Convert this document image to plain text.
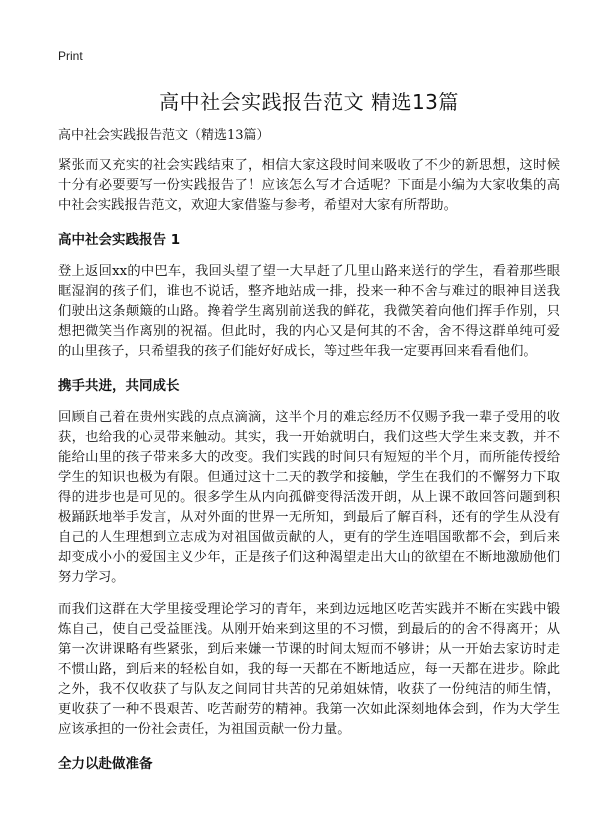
Print
高中社会实践报告范文 精选13篇
高中社会实践报告范文（精选13篇）

紧张而又充实的社会实践结束了，相信大家这段时间来吸收了不少的新思想，这时候十分有必要要写一份实践报告了！应该怎么写才合适呢？下面是小编为大家收集的高中社会实践报告范文，欢迎大家借鉴与参考，希望对大家有所帮助。

高中社会实践报告 1

登上返回xx的中巴车，我回头望了望一大早赶了几里山路来送行的学生，看着那些眼眶湿润的孩子们，谁也不说话，整齐地站成一排，投来一种不舍与难过的眼神目送我们驶出这条颠簸的山路。搀着学生离别前送我的鲜花，我微笑着向他们挥手作别，只想把微笑当作离别的祝福。但此时，我的内心又是何其的不舍，舍不得这群单纯可爱的山里孩子，只希望我的孩子们能好好成长，等过些年我一定要再回来看看他们。

携手共进，共同成长

回顾自己着在贵州实践的点点滴滴，这半个月的难忘经历不仅赐予我一辈子受用的收获，也给我的心灵带来触动。其实，我一开始就明白，我们这些大学生来支教，并不能给山里的孩子带来多大的改变。我们实践的时间只有短短的半个月，而所能传授给学生的知识也极为有限。但通过这十二天的教学和接触，学生在我们的不懈努力下取得的进步也是可见的。很多学生从内向孤僻变得活泼开朗，从上课不敢回答问题到积极踊跃地举手发言，从对外面的世界一无所知，到最后了解百科，还有的学生从没有自己的人生理想到立志成为对祖国做贡献的人，更有的学生连唱国歌都不会，到后来却变成小小的爱国主义少年，正是孩子们这种渴望走出大山的欲望在不断地激励他们努力学习。

而我们这群在大学里接受理论学习的青年，来到边远地区吃苦实践并不断在实践中锻炼自己，使自己受益匪浅。从刚开始来到这里的不习惯，到最后的的舍不得离开；从第一次讲课略有些紧张，到后来嫌一节课的时间太短而不够讲；从一开始去家访时走不惯山路，到后来的轻松自如，我的每一天都在不断地适应，每一天都在进步。除此之外，我不仅收获了与队友之间同甘共苦的兄弟姐妹情，收获了一份纯洁的师生情，更收获了一种不畏艰苦、吃苦耐劳的精神。我第一次如此深刻地体会到，作为大学生应该承担的一份社会责任，为祖国贡献一份力量。

全力以赴做准备
